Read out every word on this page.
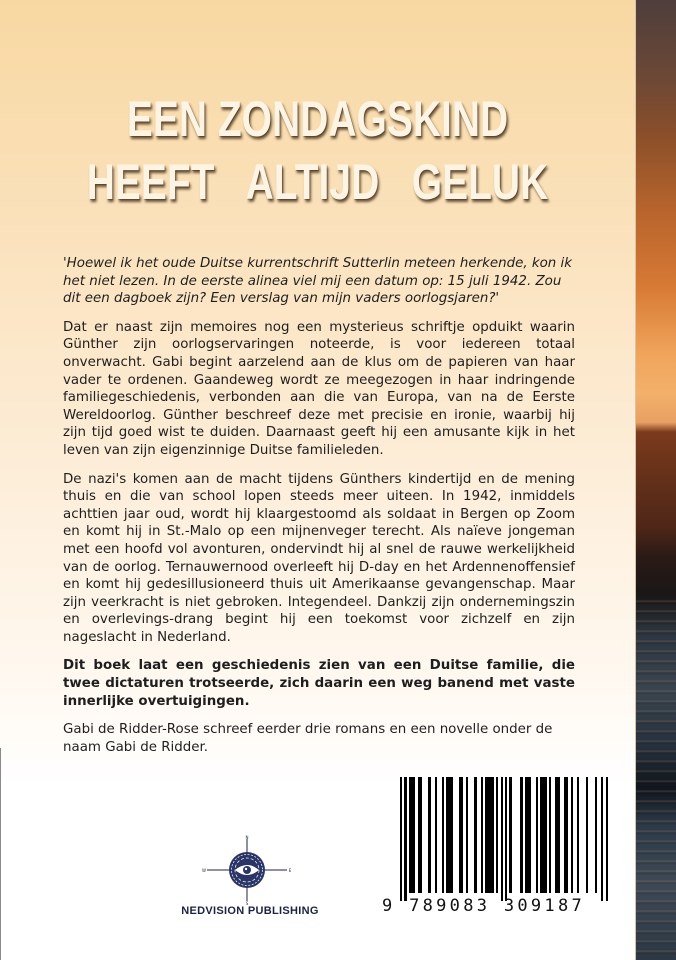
EEN ZONDAGSKIND
HEEFT   ALTIJD   GELUK

'Hoewel ik het oude Duitse kurrentschrift Sutterlin meteen herkende, kon ik het niet lezen. In de eerste alinea viel mij een datum op: 15 juli 1942. Zou dit een dagboek zijn? Een verslag van mijn vaders oorlogsjaren?'

Dat er naast zijn memoires nog een mysterieus schriftje opduikt waarin Günther zijn oorlogservaringen noteerde, is voor iedereen totaal onverwacht. Gabi begint aarzelend aan de klus om de papieren van haar vader te ordenen. Gaandeweg wordt ze meegezogen in haar indringende familiegeschiedenis, verbonden aan die van Europa, van na de Eerste Wereldoorlog. Günther beschreef deze met precisie en ironie, waarbij hij zijn tijd goed wist te duiden. Daarnaast geeft hij een amusante kijk in het leven van zijn eigenzinnige Duitse familieleden.

De nazi's komen aan de macht tijdens Günthers kindertijd en de mening thuis en die van school lopen steeds meer uiteen. In 1942, inmiddels achttien jaar oud, wordt hij klaargestoomd als soldaat in Bergen op Zoom en komt hij in St.-Malo op een mijnenveger terecht. Als naïeve jongeman met een hoofd vol avonturen, ondervindt hij al snel de rauwe werkelijkheid van de oorlog. Ternauwernood overleeft hij D-day en het Ardennenoffensief en komt hij gedesillusioneerd thuis uit Amerikaanse gevangenschap. Maar zijn veerkracht is niet gebroken. Integendeel. Dankzij zijn ondernemingszin en overlevings-drang begint hij een toekomst voor zichzelf en zijn nageslacht in Nederland.

Dit boek laat een geschiedenis zien van een Duitse familie, die twee dictaturen trotseerde, zich daarin een weg banend met vaste innerlijke overtuigingen.

Gabi de Ridder-Rose schreef eerder drie romans en een novelle onder de naam Gabi de Ridder.

N
E
S
W
NEDVISION PUBLISHING	9 789083 309187
